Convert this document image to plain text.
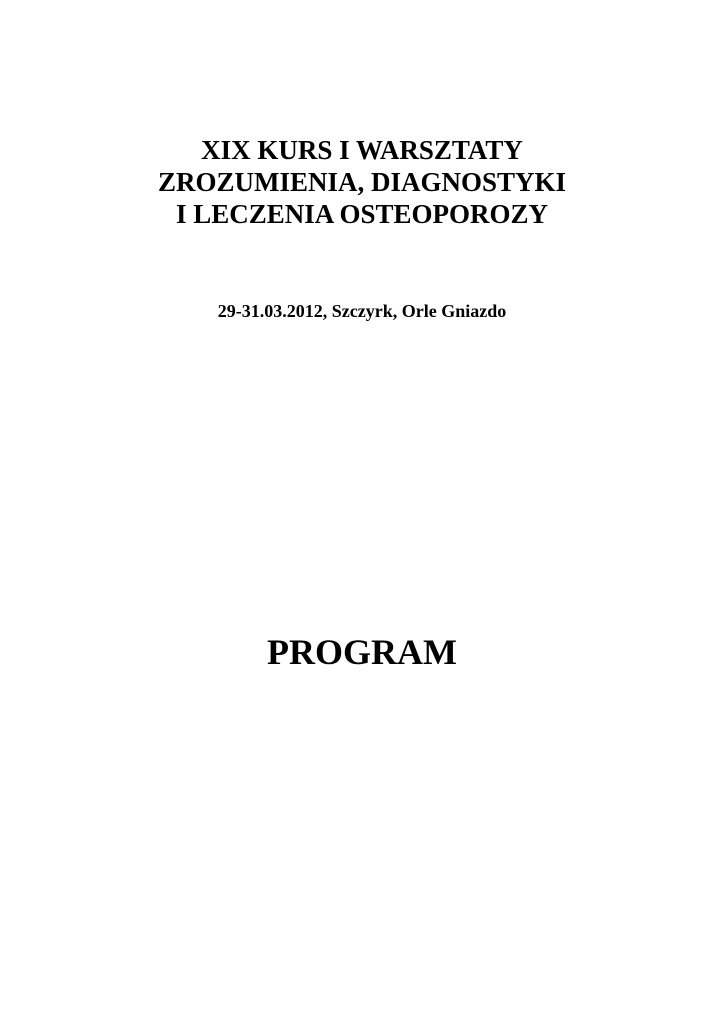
XIX KURS I WARSZTATY
ZROZUMIENIA, DIAGNOSTYKI
I LECZENIA OSTEOPOROZY
29-31.03.2012, Szczyrk, Orle Gniazdo
PROGRAM
